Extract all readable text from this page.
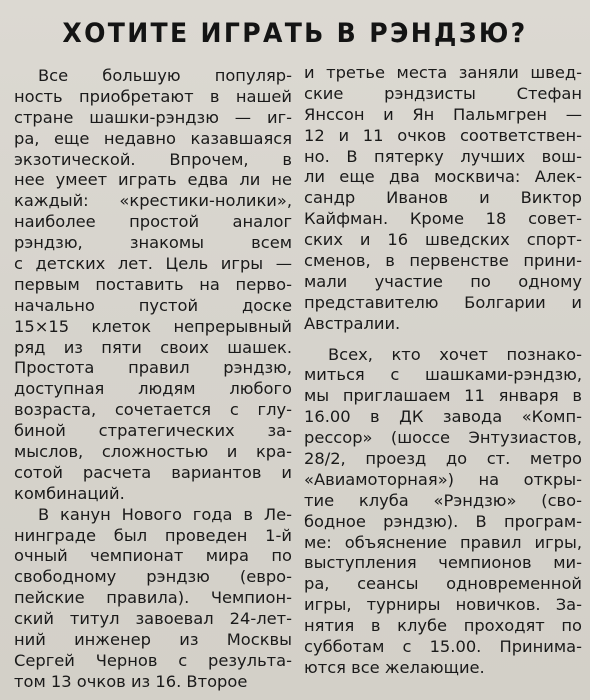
ХОТИТЕ ИГРАТЬ В РЭНДЗЮ?
Все большую популяр-
ность приобретают в нашей
стране шашки-рэндзю — иг-
ра, еще недавно казавшаяся
экзотической. Впрочем, в
нее умеет играть едва ли не
каждый: «крестики-нолики»,
наиболее простой аналог
рэндзю, знакомы всем
с детских лет. Цель игры —
первым поставить на перво-
начально пустой доске
15×15 клеток непрерывный
ряд из пяти своих шашек.
Простота правил рэндзю,
доступная людям любого
возраста, сочетается с глу-
биной стратегических за-
мыслов, сложностью и кра-
сотой расчета вариантов и
комбинаций.
В канун Нового года в Ле-
нинграде был проведен 1-й
очный чемпионат мира по
свободному рэндзю (евро-
пейские правила). Чемпион-
ский титул завоевал 24-лет-
ний инженер из Москвы
Сергей Чернов с результа-
том 13 очков из 16. Второе
и третье места заняли швед-
ские рэндзисты Стефан
Янссон и Ян Пальмгрен —
12 и 11 очков соответствен-
но. В пятерку лучших вош-
ли еще два москвича: Алек-
сандр Иванов и Виктор
Кайфман. Кроме 18 совет-
ских и 16 шведских спорт-
сменов, в первенстве прини-
мали участие по одному
представителю Болгарии и
Австралии.
Всех, кто хочет познако-
миться с шашками-рэндзю,
мы приглашаем 11 января в
16.00 в ДК завода «Комп-
рессор» (шоссе Энтузиастов,
28/2, проезд до ст. метро
«Авиамоторная») на откры-
тие клуба «Рэндзю» (сво-
бодное рэндзю). В програм-
ме: объяснение правил игры,
выступления чемпионов ми-
ра, сеансы одновременной
игры, турниры новичков. За-
нятия в клубе проходят по
субботам с 15.00. Принима-
ются все желающие.
